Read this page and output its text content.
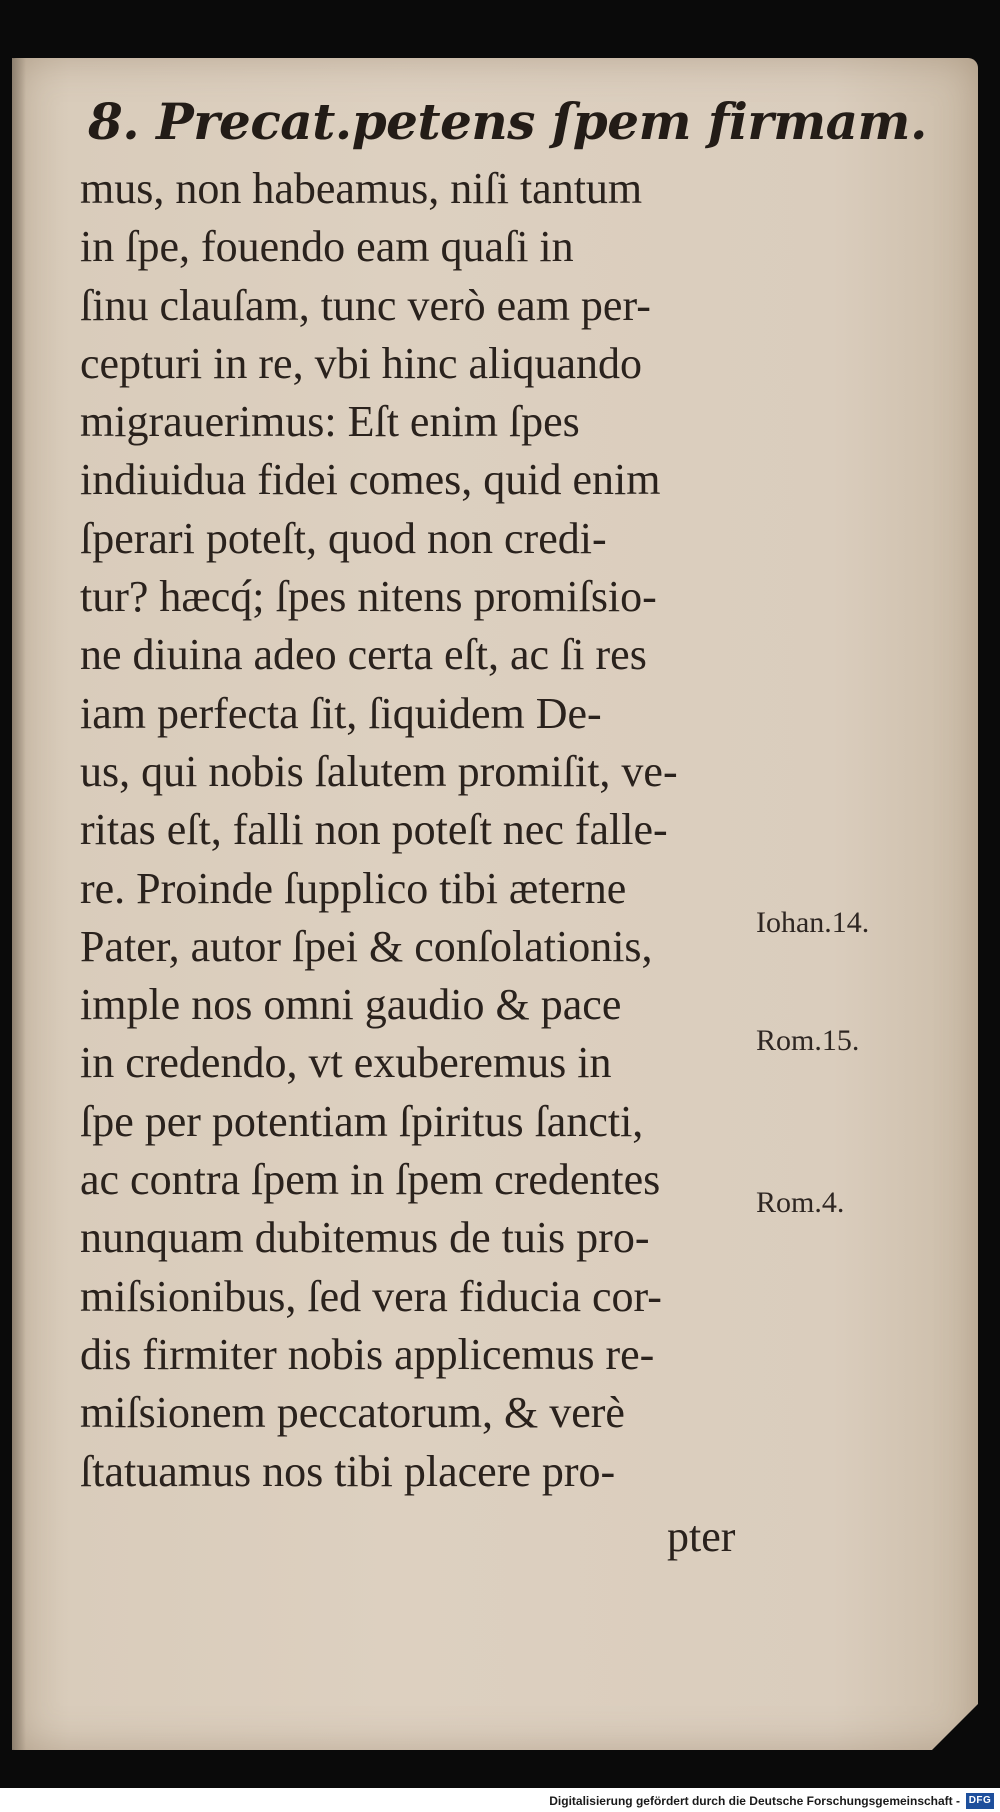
8. Precat.petens ſpem firmam.
mus, non habeamus, niſi tantum
in ſpe, fouendo eam quaſi in
ſinu clauſam, tunc verò eam per-
cepturi in re, vbi hinc aliquando
migrauerimus: Eſt enim ſpes
indiuidua fidei comes, quid enim
ſperari poteſt, quod non credi-
tur? hæcq́; ſpes nitens promiſsio-
ne diuina adeo certa eſt, ac ſi res
iam perfecta ſit, ſiquidem De-
us, qui nobis ſalutem promiſit, ve-
ritas eſt, falli non poteſt nec falle-
re. Proinde ſupplico tibi æterne
Pater, autor ſpei & conſolationis,
imple nos omni gaudio & pace
in credendo, vt exuberemus in
ſpe per potentiam ſpiritus ſancti,
ac contra ſpem in ſpem credentes
nunquam dubitemus de tuis pro-
miſsionibus, ſed vera fiducia cor-
dis firmiter nobis applicemus re-
miſsionem peccatorum, & verè
ſtatuamus nos tibi placere pro-
pter
Iohan.14.
Rom.15.
Rom.4.
Digitalisierung gefördert durch die Deutsche Forschungsgemeinschaft - DFG
